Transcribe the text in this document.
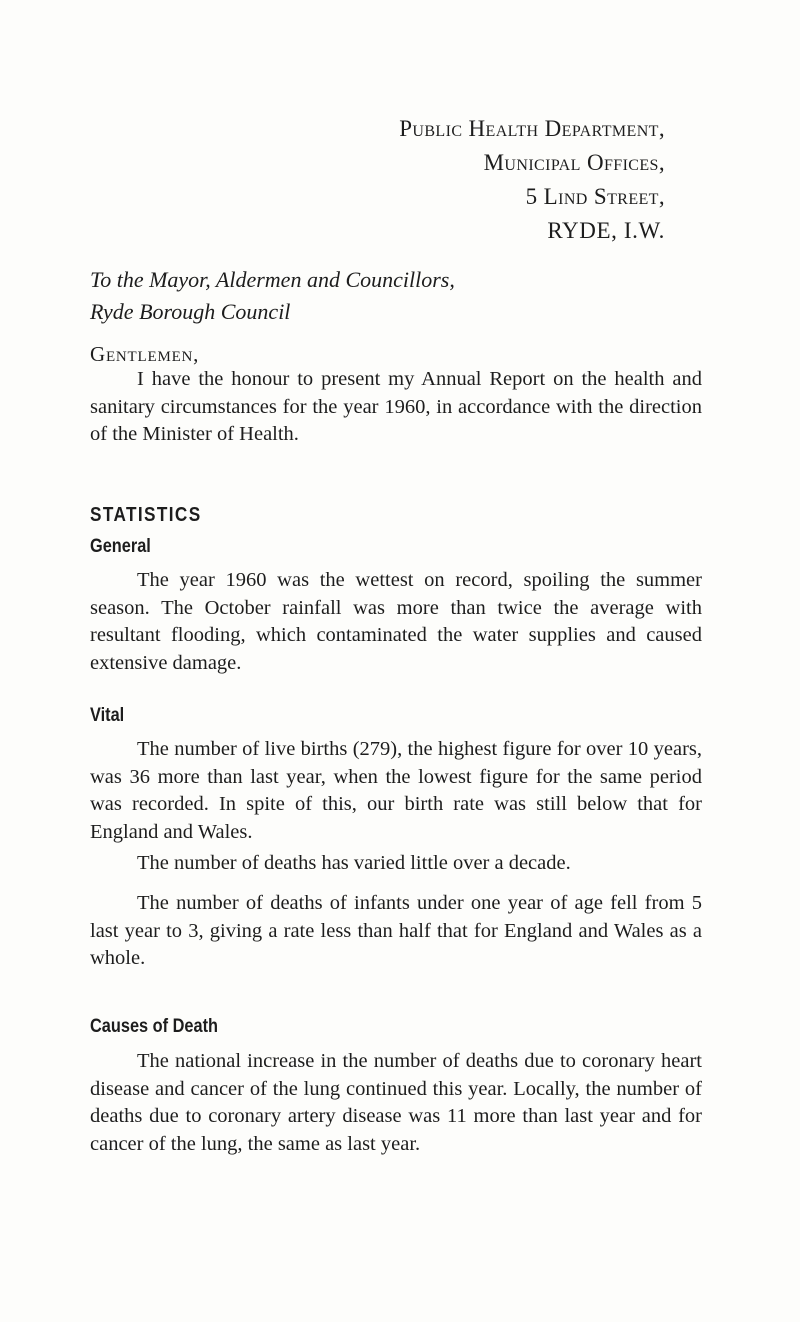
Public Health Department,
Municipal Offices,
5 Lind Street,
RYDE, I.W.
To the Mayor, Aldermen and Councillors,
Ryde Borough Council
Gentlemen,

I have the honour to present my Annual Report on the health and sanitary circumstances for the year 1960, in accordance with the direction of the Minister of Health.

STATISTICS
General

The year 1960 was the wettest on record, spoiling the summer season. The October rainfall was more than twice the average with resultant flooding, which contaminated the water supplies and caused extensive damage.

Vital

The number of live births (279), the highest figure for over 10 years, was 36 more than last year, when the lowest figure for the same period was recorded. In spite of this, our birth rate was still below that for England and Wales.

The number of deaths has varied little over a decade.

The number of deaths of infants under one year of age fell from 5 last year to 3, giving a rate less than half that for England and Wales as a whole.

Causes of Death

The national increase in the number of deaths due to coronary heart disease and cancer of the lung continued this year. Locally, the number of deaths due to coronary artery disease was 11 more than last year and for cancer of the lung, the same as last year.
